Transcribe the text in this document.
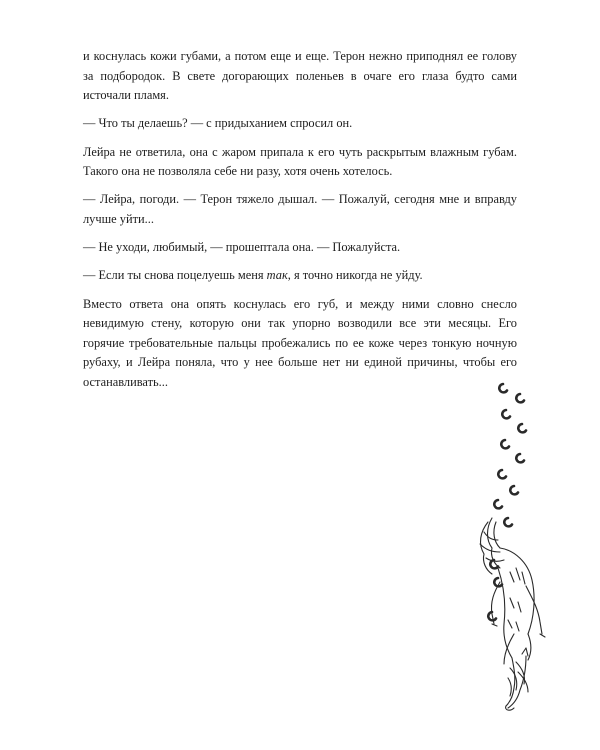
и коснулась кожи губами, а потом еще и еще. Терон нежно приподнял ее голову за подбородок. В свете догорающих поленьев в очаге его глаза будто сами источали пламя.

— Что ты делаешь? — с придыханием спросил он.

Лейра не ответила, она с жаром припала к его чуть раскрытым влажным губам. Такого она не позволяла себе ни разу, хотя очень хотелось.

— Лейра, погоди. — Терон тяжело дышал. — Пожалуй, сегодня мне и вправду лучше уйти...

— Не уходи, любимый, — прошептала она. — Пожалуйста.

— Если ты снова поцелуешь меня так, я точно никогда не уйду.

Вместо ответа она опять коснулась его губ, и между ними словно снесло невидимую стену, которую они так упорно возводили все эти месяцы. Его горячие требовательные пальцы пробежались по ее коже через тонкую ночную рубаху, и Лейра поняла, что у нее больше нет ни единой причины, чтобы его останавливать...
